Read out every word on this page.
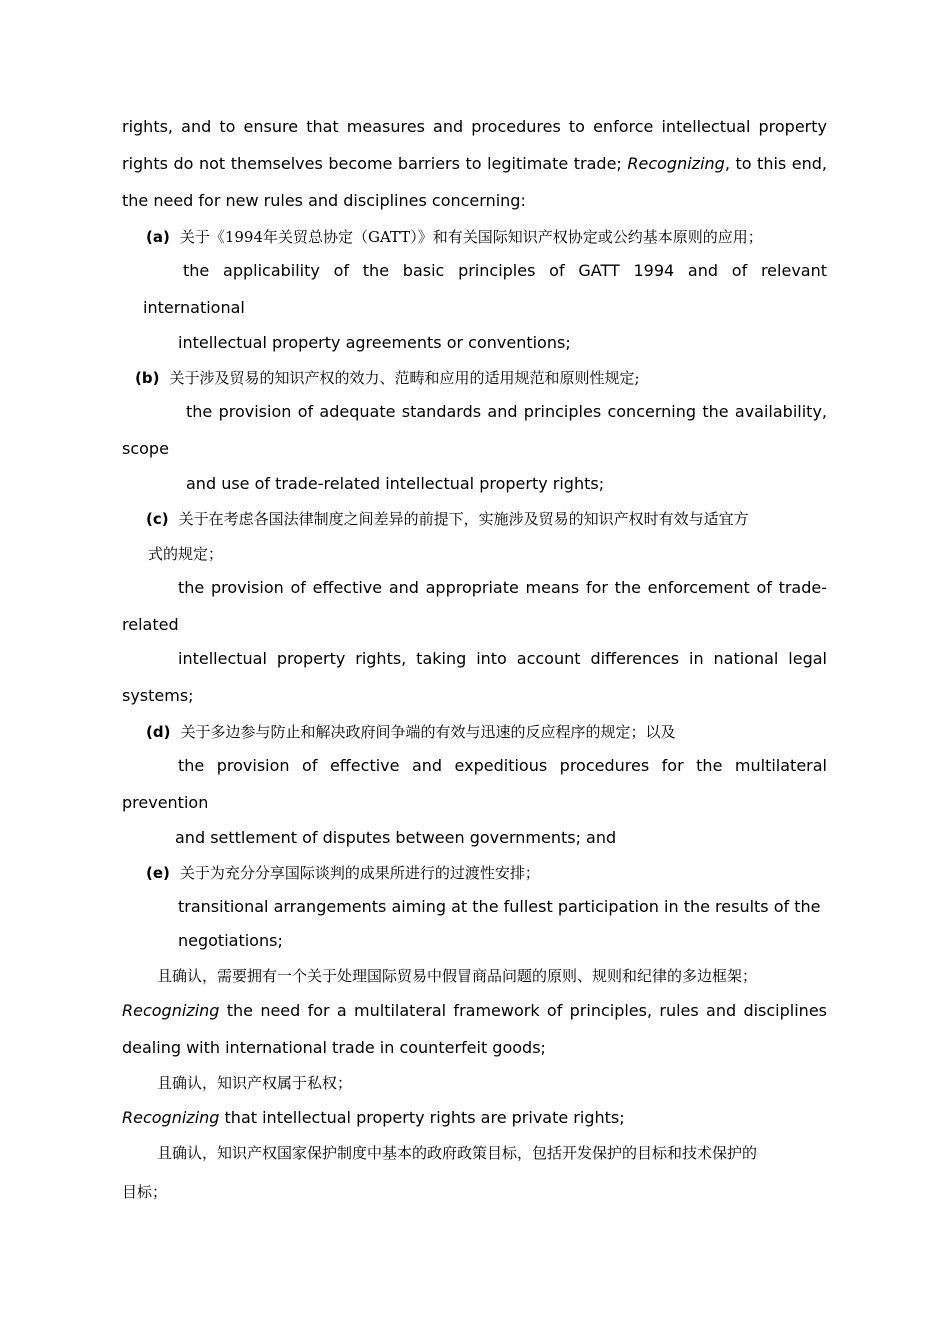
rights, and to ensure that measures and procedures to enforce intellectual property
rights do not themselves become barriers to legitimate trade; Recognizing, to this end,
the need for new rules and disciplines concerning:
(a) 关于《1994年关贸总协定（GATT）》和有关国际知识产权协定或公约基本原则的应用；
the applicability of the basic principles of GATT 1994 and of relevant
international
intellectual property agreements or conventions;
(b) 关于涉及贸易的知识产权的效力、范畴和应用的适用规范和原则性规定;
the provision of adequate standards and principles concerning the availability,
scope
and use of trade-related intellectual property rights;
(c) 关于在考虑各国法律制度之间差异的前提下，实施涉及贸易的知识产权时有效与适宜方
式的规定；
the provision of effective and appropriate means for the enforcement of trade-
related
intellectual property rights, taking into account differences in national legal
systems;
(d) 关于多边参与防止和解决政府间争端的有效与迅速的反应程序的规定；以及
the provision of effective and expeditious procedures for the multilateral
prevention
and settlement of disputes between governments; and
(e) 关于为充分分享国际谈判的成果所进行的过渡性安排；
transitional arrangements aiming at the fullest participation in the results of the
negotiations;
且确认，需要拥有一个关于处理国际贸易中假冒商品问题的原则、规则和纪律的多边框架；
Recognizing the need for a multilateral framework of principles, rules and disciplines
dealing with international trade in counterfeit goods;
且确认，知识产权属于私权；
Recognizing that intellectual property rights are private rights;
且确认，知识产权国家保护制度中基本的政府政策目标，包括开发保护的目标和技术保护的
目标；
